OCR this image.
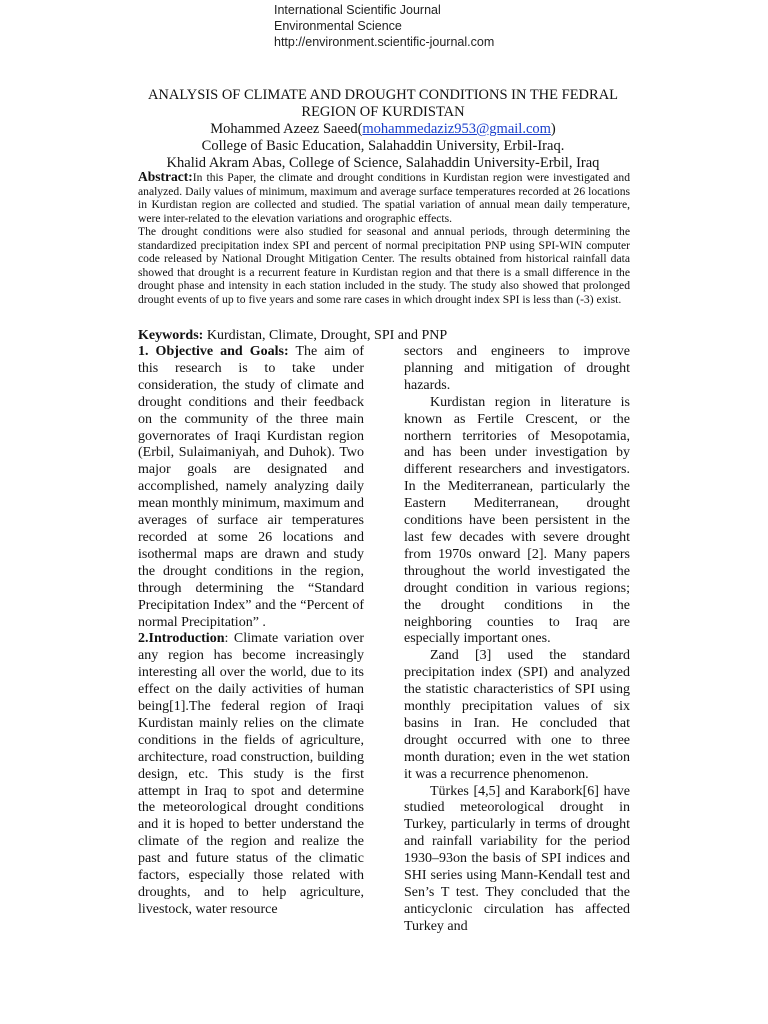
International Scientific Journal
Environmental Science
http://environment.scientific-journal.com
ANALYSIS OF CLIMATE AND DROUGHT CONDITIONS IN THE FEDRAL REGION OF KURDISTAN
Mohammed Azeez Saeed(mohammedaziz953@gmail.com)
College of Basic Education, Salahaddin University, Erbil-Iraq.
Khalid Akram Abas, College of Science, Salahaddin University-Erbil, Iraq

Abstract:In this Paper, the climate and drought conditions in Kurdistan region were investigated and analyzed. Daily values of minimum, maximum and average surface temperatures recorded at 26 locations in Kurdistan region are collected and studied. The spatial variation of annual mean daily temperature, were inter-related to the elevation variations and orographic effects.

The drought conditions were also studied for seasonal and annual periods, through determining the standardized precipitation index SPI and percent of normal precipitation PNP using SPI-WIN computer code released by National Drought Mitigation Center. The results obtained from historical rainfall data showed that drought is a recurrent feature in Kurdistan region and that there is a small difference in the drought phase and intensity in each station included in the study. The study also showed that prolonged drought events of up to five years and some rare cases in which drought index SPI is less than (-3) exist.

Keywords: Kurdistan, Climate, Drought, SPI and PNP

1. Objective and Goals: The aim of this research is to take under consideration, the study of climate and drought conditions and their feedback on the community of the three main governorates of Iraqi Kurdistan region (Erbil, Sulaimaniyah, and Duhok). Two major goals are designated and accomplished, namely analyzing daily mean monthly minimum, maximum and averages of surface air temperatures recorded at some 26 locations and isothermal maps are drawn and study the drought conditions in the region, through determining the “Standard Precipitation Index” and the “Percent of normal Precipitation” .

2.Introduction: Climate variation over any region has become increasingly interesting all over the world, due to its effect on the daily activities of human being[1].The federal region of Iraqi Kurdistan mainly relies on the climate conditions in the fields of agriculture, architecture, road construction, building design, etc. This study is the first attempt in Iraq to spot and determine the meteorological drought conditions and it is hoped to better understand the climate of the region and realize the past and future status of the climatic factors, especially those related with droughts, and to help agriculture, livestock, water resource

sectors and engineers to improve planning and mitigation of drought hazards.

Kurdistan region in literature is known as Fertile Crescent, or the northern territories of Mesopotamia, and has been under investigation by different researchers and investigators. In the Mediterranean, particularly the Eastern Mediterranean, drought conditions have been persistent in the last few decades with severe drought from 1970s onward [2]. Many papers throughout the world investigated the drought condition in various regions; the drought conditions in the neighboring counties to Iraq are especially important ones.

Zand [3] used the standard precipitation index (SPI) and analyzed the statistic characteristics of SPI using monthly precipitation values of six basins in Iran. He concluded that drought occurred with one to three month duration; even in the wet station it was a recurrence phenomenon.

Türkes [4,5] and Karabork[6] have studied meteorological drought in Turkey, particularly in terms of drought and rainfall variability for the period 1930–93on the basis of SPI indices and SHI series using Mann-Kendall test and Sen’s T test. They concluded that the anticyclonic circulation has affected Turkey and
